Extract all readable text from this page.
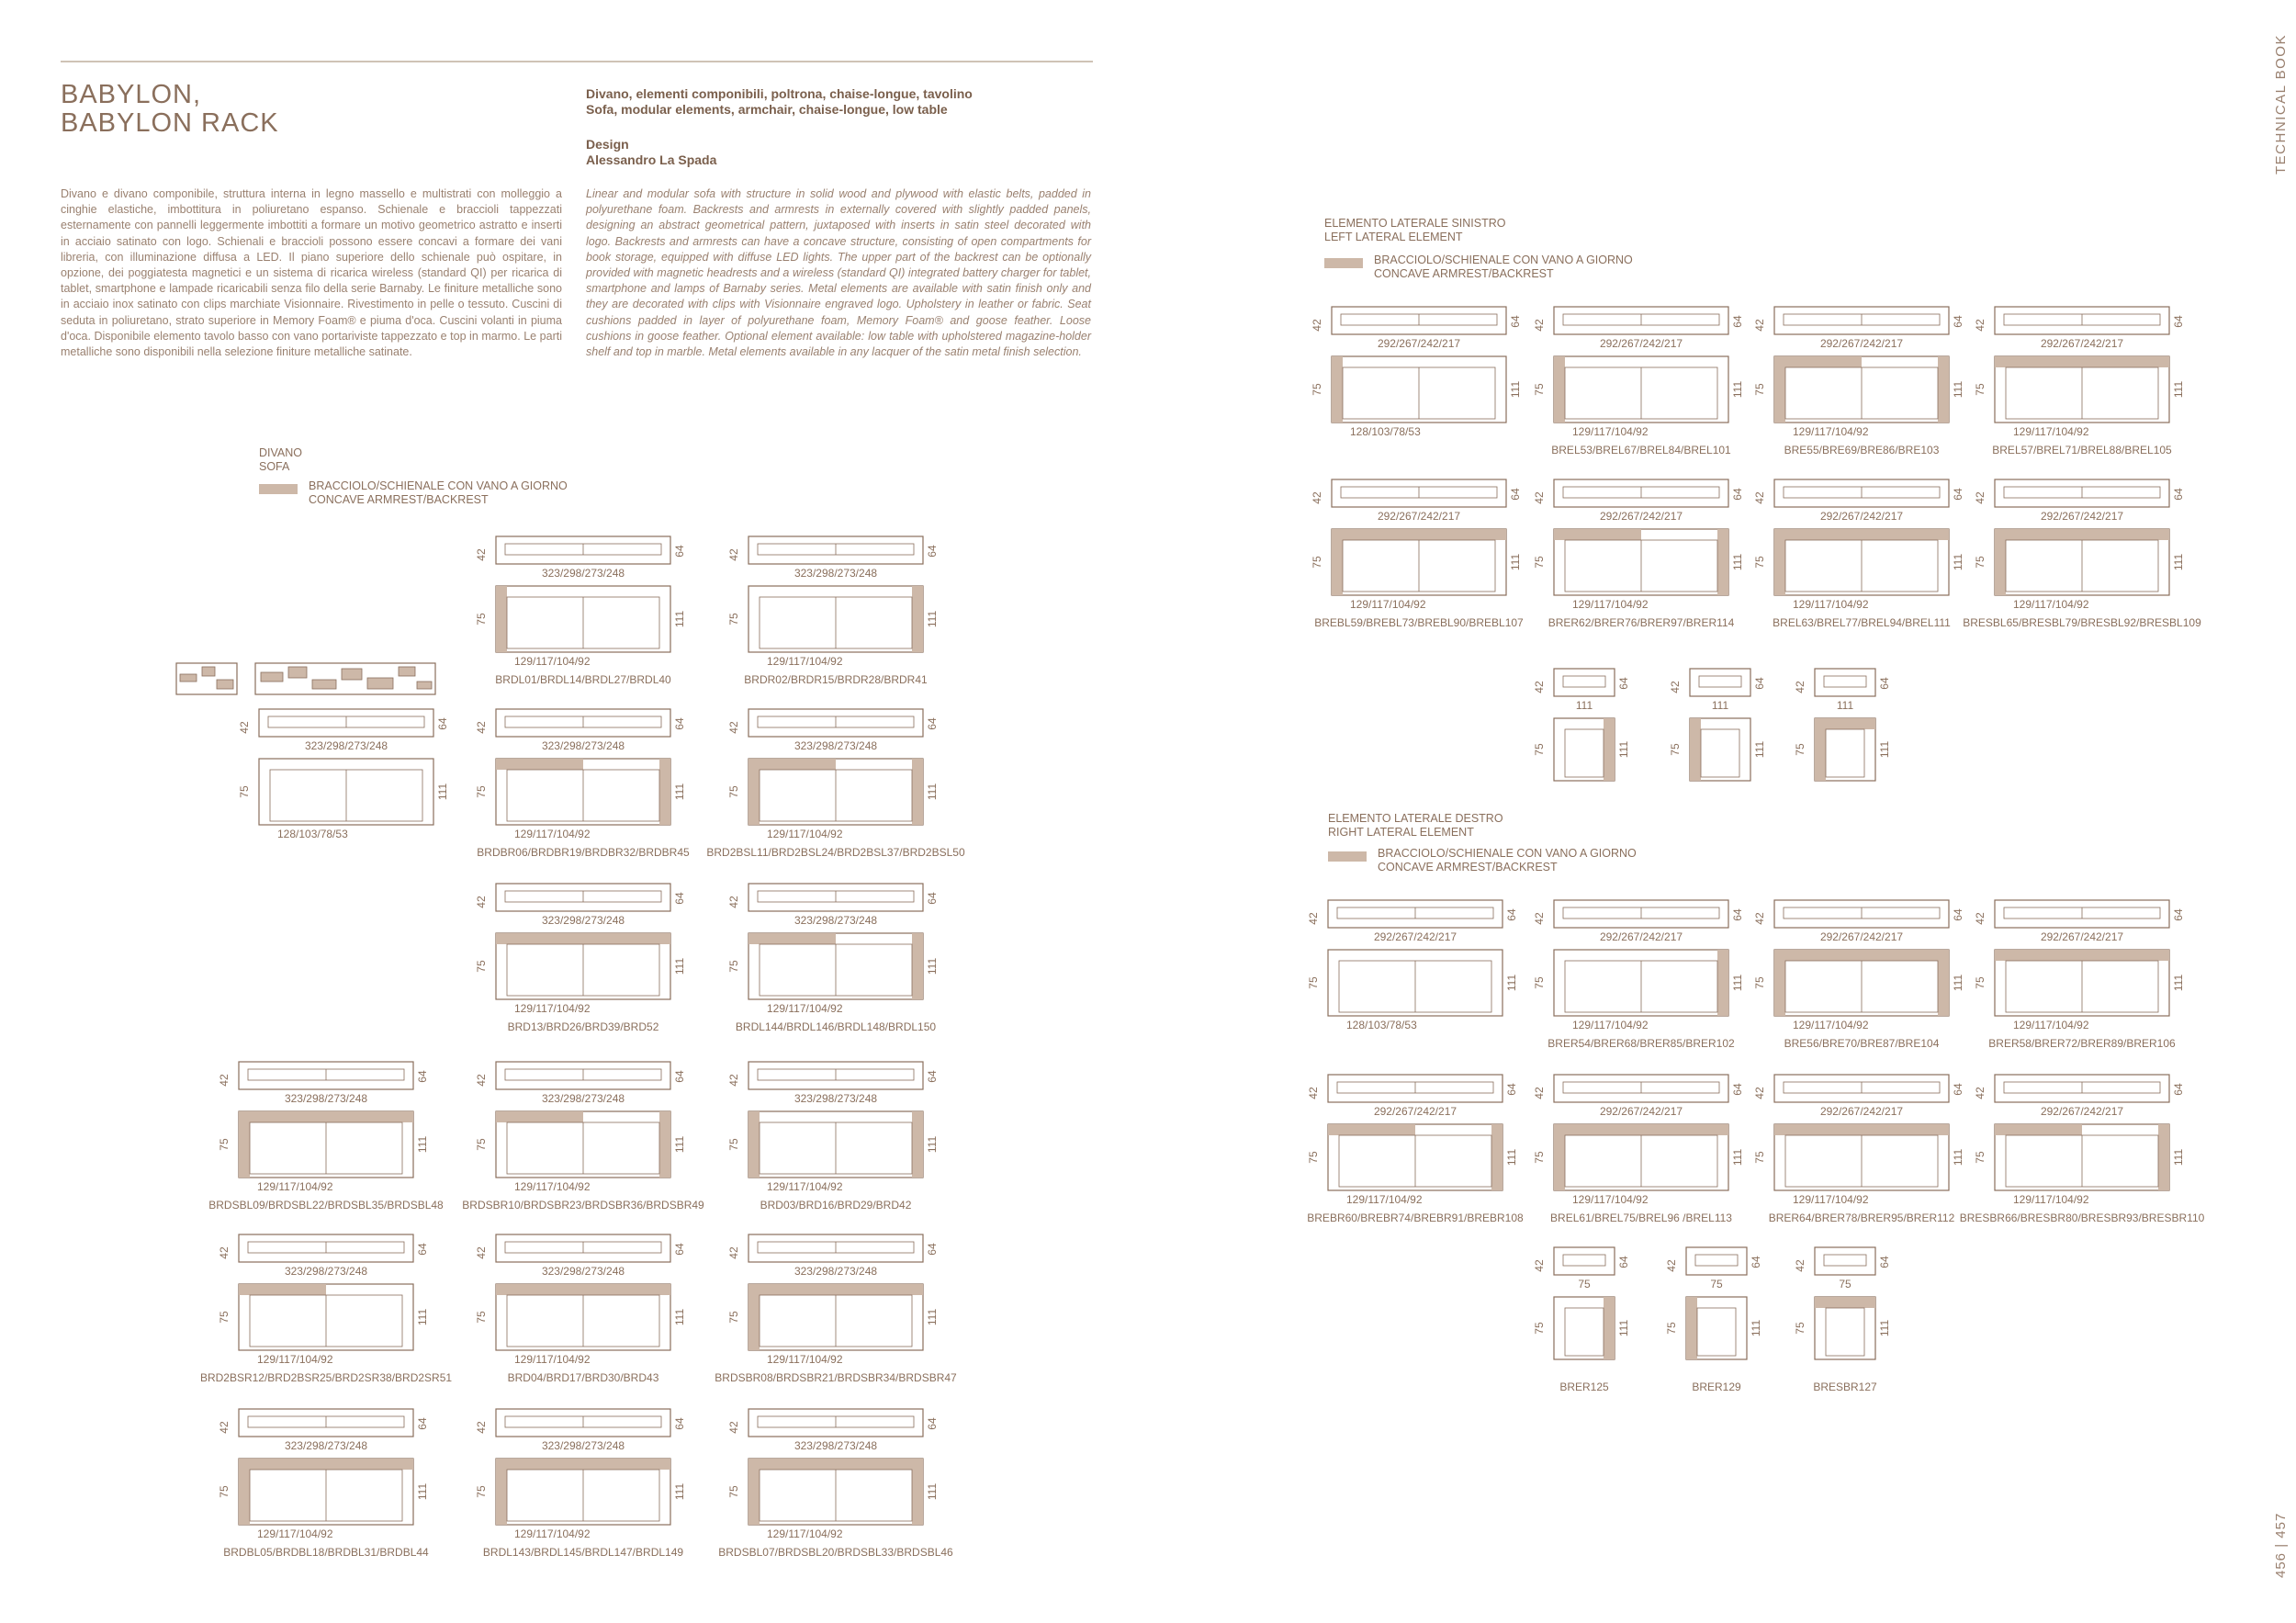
BABYLON,
BABYLON RACK
Divano, elementi componibili, poltrona, chaise-longue, tavolino
Sofa, modular elements, armchair, chaise-longue, low table
Design
Alessandro La Spada
Divano e divano componibile, struttura interna in legno massello e multistrati con molleggio a cinghie elastiche, imbottitura in poliuretano espanso. Schienale e braccioli tappezzati esternamente con pannelli leggermente imbottiti a formare un motivo geometrico astratto e inserti in acciaio satinato con logo. Schienali e braccioli possono essere concavi a formare dei vani libreria, con illuminazione diffusa a LED. Il piano superiore dello schienale può ospitare, in opzione, dei poggiatesta magnetici e un sistema di ricarica wireless (standard QI) per ricarica di tablet, smartphone e lampade ricaricabili senza filo della serie Barnaby. Le finiture metalliche sono in acciaio inox satinato con clips marchiate Visionnaire. Rivestimento in pelle o tessuto. Cuscini di seduta in poliuretano, strato superiore in Memory Foam® e piuma d'oca. Cuscini volanti in piuma d'oca. Disponibile elemento tavolo basso con vano portariviste tappezzato e top in marmo. Le parti metalliche sono disponibili nella selezione finiture metalliche satinate.
Linear and modular sofa with structure in solid wood and plywood with elastic belts, padded in polyurethane foam. Backrests and armrests in externally covered with slightly padded panels, designing an abstract geometrical pattern, juxtaposed with inserts in satin steel decorated with logo. Backrests and armrests can have a concave structure, consisting of open compartments for book storage, equipped with diffuse LED lights. The upper part of the backrest can be optionally provided with magnetic headrests and a wireless (standard QI) integrated battery charger for tablet, smartphone and lamps of Barnaby series. Metal elements are available with satin finish only and they are decorated with clips with Visionnaire engraved logo. Upholstery in leather or fabric. Seat cushions padded in layer of polyurethane foam, Memory Foam® and goose feather. Loose cushions in goose feather. Optional element available: low table with upholstered magazine-holder shelf and top in marble. Metal elements available in any lacquer of the satin metal finish selection.
DIVANO
SOFA
BRACCIOLO/SCHIENALE CON VANO A GIORNO
CONCAVE ARMREST/BACKREST
ELEMENTO LATERALE SINISTRO
LEFT LATERAL ELEMENT
BRACCIOLO/SCHIENALE CON VANO A GIORNO
CONCAVE ARMREST/BACKREST
ELEMENTO LATERALE DESTRO
RIGHT LATERAL ELEMENT
BRACCIOLO/SCHIENALE CON VANO A GIORNO
CONCAVE ARMREST/BACKREST
42	64
323/298/273/248
75	111
129/117/104/92
BRDL01/BRDL14/BRDL27/BRDL40
42	64
323/298/273/248
75	111
129/117/104/92
BRDR02/BRDR15/BRDR28/BRDR41
42	64
323/298/273/248
75	111
128/103/78/53
42	64
323/298/273/248
75	111
129/117/104/92
BRDBR06/BRDBR19/BRDBR32/BRDBR45
42	64
323/298/273/248
75	111
129/117/104/92
BRD2BSL11/BRD2BSL24/BRD2BSL37/BRD2BSL50
42	64
323/298/273/248
75	111
129/117/104/92
BRD13/BRD26/BRD39/BRD52
42	64
323/298/273/248
75	111
129/117/104/92
BRDL144/BRDL146/BRDL148/BRDL150
42	64
323/298/273/248
75	111
129/117/104/92
BRDSBL09/BRDSBL22/BRDSBL35/BRDSBL48
42	64
323/298/273/248
75	111
129/117/104/92
BRDSBR10/BRDSBR23/BRDSBR36/BRDSBR49
42	64
323/298/273/248
75	111
129/117/104/92
BRD03/BRD16/BRD29/BRD42
42	64
323/298/273/248
75	111
129/117/104/92
BRD2BSR12/BRD2BSR25/BRD2SR38/BRD2SR51
42	64
323/298/273/248
75	111
129/117/104/92
BRD04/BRD17/BRD30/BRD43
42	64
323/298/273/248
75	111
129/117/104/92
BRDSBR08/BRDSBR21/BRDSBR34/BRDSBR47
42	64
323/298/273/248
75	111
129/117/104/92
BRDBL05/BRDBL18/BRDBL31/BRDBL44
42	64
323/298/273/248
75	111
129/117/104/92
BRDL143/BRDL145/BRDL147/BRDL149
42	64
323/298/273/248
75	111
129/117/104/92
BRDSBL07/BRDSBL20/BRDSBL33/BRDSBL46
42	64
292/267/242/217
75	111
128/103/78/53
42	64
292/267/242/217
75	111
129/117/104/92
BREL53/BREL67/BREL84/BREL101
42	64
292/267/242/217
75	111
129/117/104/92
BRE55/BRE69/BRE86/BRE103
42	64
292/267/242/217
75	111
129/117/104/92
BREL57/BREL71/BREL88/BREL105
42	64
292/267/242/217
75	111
129/117/104/92
BREBL59/BREBL73/BREBL90/BREBL107
42	64
292/267/242/217
75	111
129/117/104/92
BRER62/BRER76/BRER97/BRER114
42	64
292/267/242/217
75	111
129/117/104/92
BREL63/BREL77/BREL94/BREL111
42	64
292/267/242/217
75	111
129/117/104/92
BRESBL65/BRESBL79/BRESBL92/BRESBL109
42	64
111
75	111
42	64
111
75	111
42	64
111
75	111
42	64
292/267/242/217
75	111
128/103/78/53
42	64
292/267/242/217
75	111
129/117/104/92
BRER54/BRER68/BRER85/BRER102
42	64
292/267/242/217
75	111
129/117/104/92
BRE56/BRE70/BRE87/BRE104
42	64
292/267/242/217
75	111
129/117/104/92
BRER58/BRER72/BRER89/BRER106
42	64
292/267/242/217
75	111
129/117/104/92
BREBR60/BREBR74/BREBR91/BREBR108
42	64
292/267/242/217
75	111
129/117/104/92
BREL61/BREL75/BREL96 /BREL113
42	64
292/267/242/217
75	111
129/117/104/92
BRER64/BRER78/BRER95/BRER112
42	64
292/267/242/217
75	111
129/117/104/92
BRESBR66/BRESBR80/BRESBR93/BRESBR110
42	64
75
75	111
BRER125
42	64
75
75	111
BRER129
42	64
75
75	111
BRESBR127
TECHNICAL BOOK
456 | 457
